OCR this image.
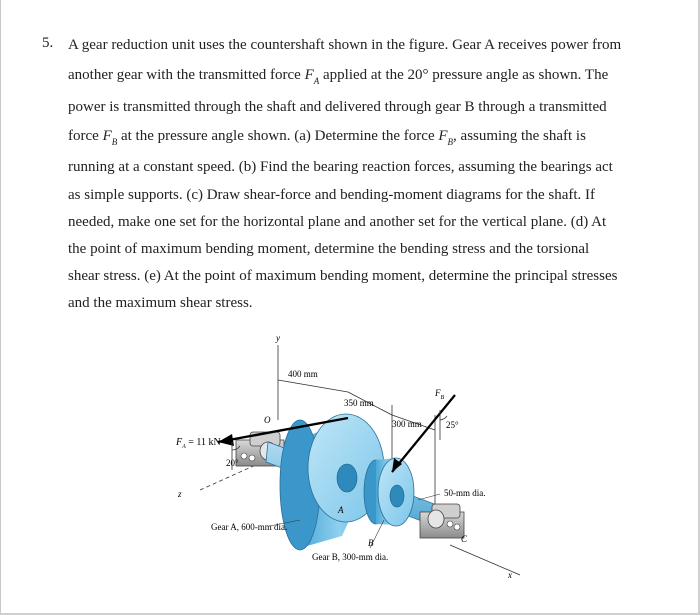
5. A gear reduction unit uses the countershaft shown in the figure. Gear A receives power from
another gear with the transmitted force $F_A$ applied at the 20° pressure angle as shown. The
power is transmitted through the shaft and delivered through gear B through a transmitted
force $F_B$ at the pressure angle shown. (a) Determine the force $F_B$, assuming the shaft is
running at a constant speed. (b) Find the bearing reaction forces, assuming the bearings act
as simple supports. (c) Draw shear-force and bending-moment diagrams for the shaft. If
needed, make one set for the horizontal plane and another set for the vertical plane. (d) At
the point of maximum bending moment, determine the bending stress and the torsional
shear stress. (e) At the point of maximum bending moment, determine the principal stresses
and the maximum shear stress.
y
z
x
400 mm
350 mm
300 mm	25°
20°
$F_A = 11$ kN
$F_B$
O
A
B	C
Gear A, 600-mm dia.
Gear B, 300-mm dia.
50-mm dia.
